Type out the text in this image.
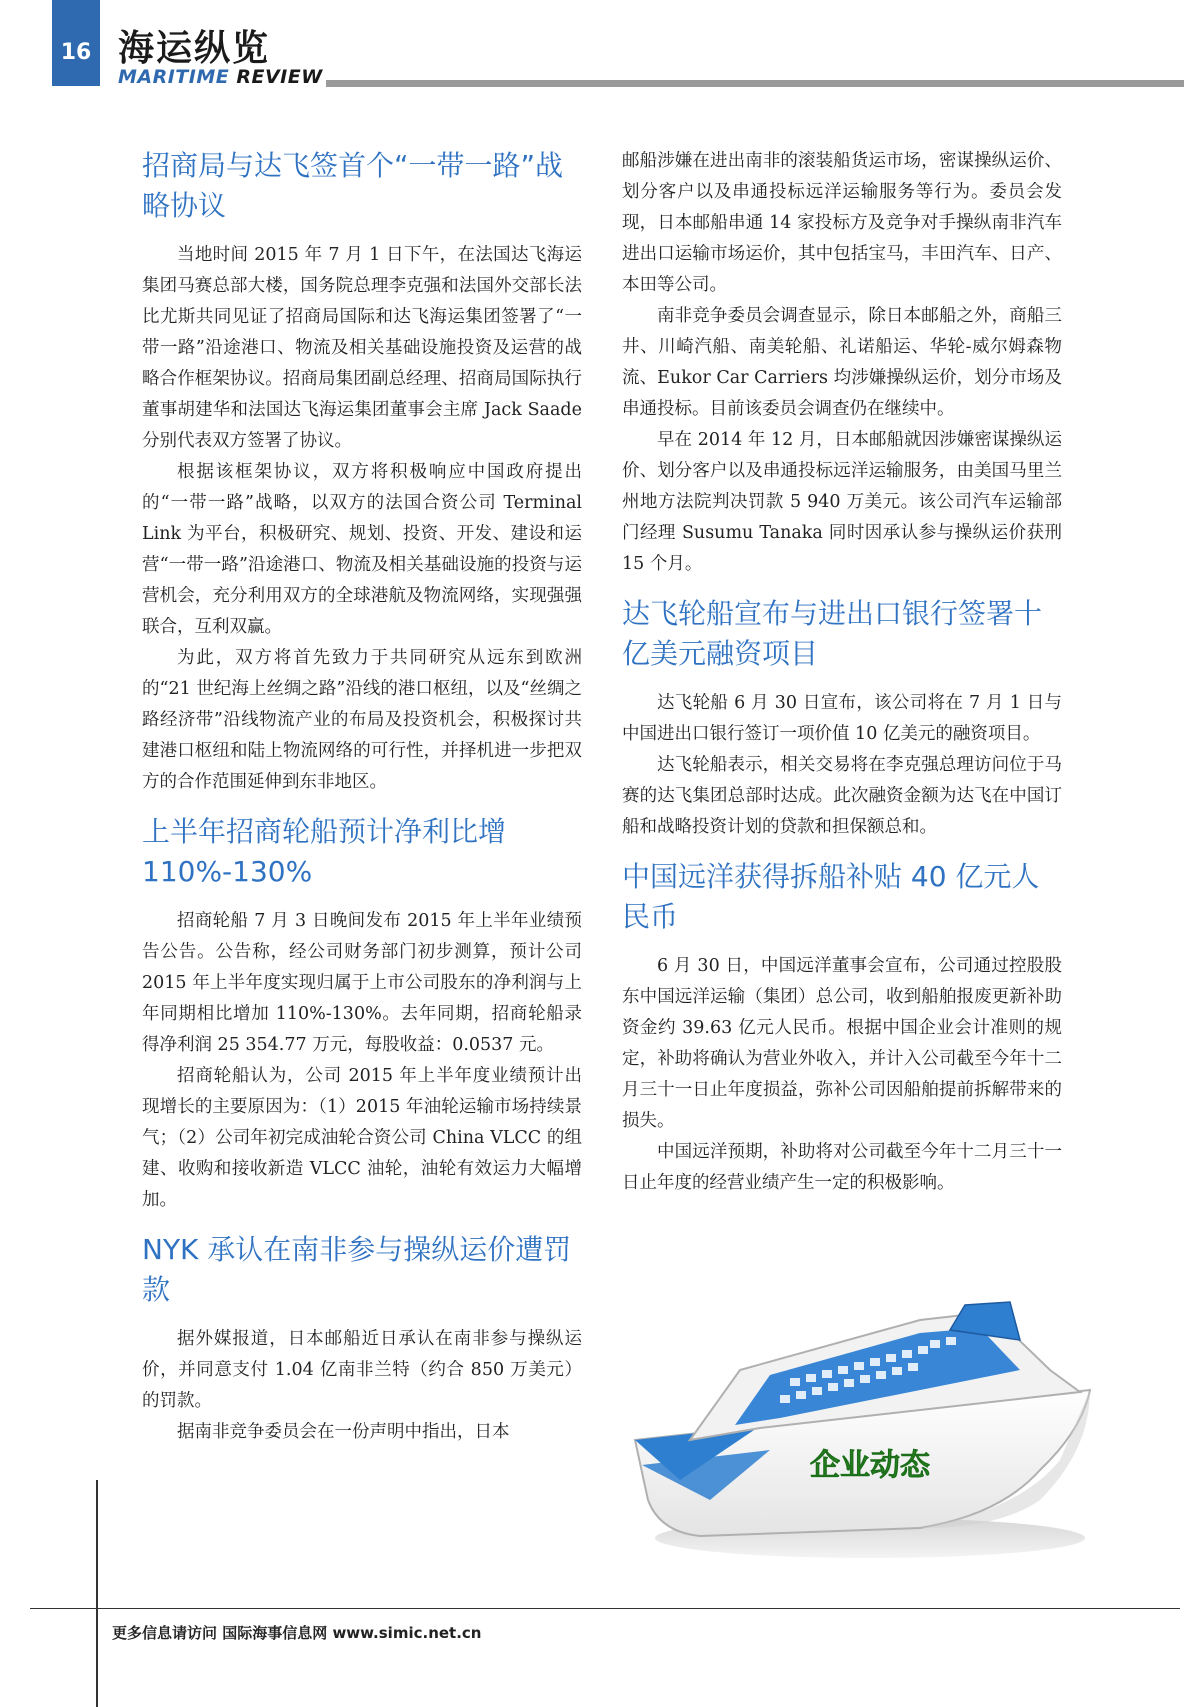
16 海运纵览
MARITIME REVIEW
招商局与达飞签首个“一带一路”战略协议

当地时间 2015 年 7 月 1 日下午，在法国达飞海运集团马赛总部大楼，国务院总理李克强和法国外交部长法比尤斯共同见证了招商局国际和达飞海运集团签署了“一带一路”沿途港口、物流及相关基础设施投资及运营的战略合作框架协议。招商局集团副总经理、招商局国际执行董事胡建华和法国达飞海运集团董事会主席 Jack Saade 分别代表双方签署了协议。

根据该框架协议，双方将积极响应中国政府提出的“一带一路”战略，以双方的法国合资公司 Terminal Link 为平台，积极研究、规划、投资、开发、建设和运营“一带一路”沿途港口、物流及相关基础设施的投资与运营机会，充分利用双方的全球港航及物流网络，实现强强联合，互利双赢。

为此，双方将首先致力于共同研究从远东到欧洲的“21 世纪海上丝绸之路”沿线的港口枢纽，以及“丝绸之路经济带”沿线物流产业的布局及投资机会，积极探讨共建港口枢纽和陆上物流网络的可行性，并择机进一步把双方的合作范围延伸到东非地区。

上半年招商轮船预计净利比增 110%-130%

招商轮船 7 月 3 日晚间发布 2015 年上半年业绩预告公告。公告称，经公司财务部门初步测算，预计公司 2015 年上半年度实现归属于上市公司股东的净利润与上年同期相比增加 110%-130%。去年同期，招商轮船录得净利润 25 354.77 万元，每股收益：0.0537 元。

招商轮船认为，公司 2015 年上半年度业绩预计出现增长的主要原因为：（1）2015 年油轮运输市场持续景气；（2）公司年初完成油轮合资公司 China VLCC 的组建、收购和接收新造 VLCC 油轮，油轮有效运力大幅增加。

NYK 承认在南非参与操纵运价遭罚款

据外媒报道，日本邮船近日承认在南非参与操纵运价，并同意支付 1.04 亿南非兰特（约合 850 万美元）的罚款。

据南非竞争委员会在一份声明中指出，日本

邮船涉嫌在进出南非的滚装船货运市场，密谋操纵运价、划分客户以及串通投标远洋运输服务等行为。委员会发现，日本邮船串通 14 家投标方及竞争对手操纵南非汽车进出口运输市场运价，其中包括宝马，丰田汽车、日产、本田等公司。

南非竞争委员会调查显示，除日本邮船之外，商船三井、川崎汽船、南美轮船、礼诺船运、华轮-威尔姆森物流、Eukor Car Carriers 均涉嫌操纵运价，划分市场及串通投标。目前该委员会调查仍在继续中。

早在 2014 年 12 月，日本邮船就因涉嫌密谋操纵运价、划分客户以及串通投标远洋运输服务，由美国马里兰州地方法院判决罚款 5 940 万美元。该公司汽车运输部门经理 Susumu Tanaka 同时因承认参与操纵运价获刑 15 个月。

达飞轮船宣布与进出口银行签署十亿美元融资项目

达飞轮船 6 月 30 日宣布，该公司将在 7 月 1 日与中国进出口银行签订一项价值 10 亿美元的融资项目。

达飞轮船表示，相关交易将在李克强总理访问位于马赛的达飞集团总部时达成。此次融资金额为达飞在中国订船和战略投资计划的贷款和担保额总和。

中国远洋获得拆船补贴 40 亿元人民币

6 月 30 日，中国远洋董事会宣布，公司通过控股股东中国远洋运输（集团）总公司，收到船舶报废更新补助资金约 39.63 亿元人民币。根据中国企业会计准则的规定，补助将确认为营业外收入，并计入公司截至今年十二月三十一日止年度损益，弥补公司因船舶提前拆解带来的损失。

中国远洋预期，补助将对公司截至今年十二月三十一日止年度的经营业绩产生一定的积极影响。

企业动态
更多信息请访问 国际海事信息网 www.simic.net.cn
